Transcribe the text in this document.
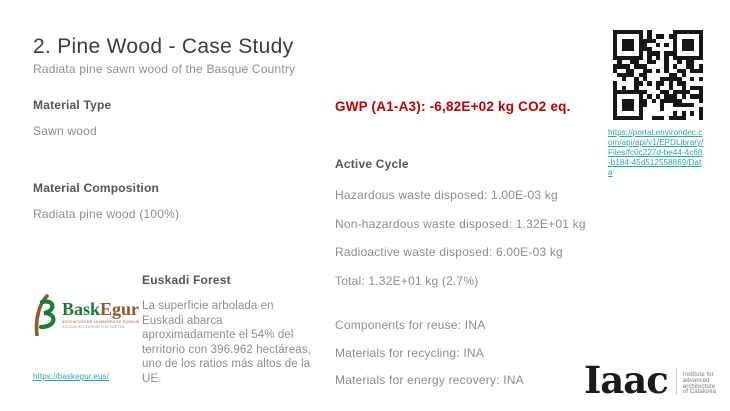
2. Pine Wood - Case Study
Radiata pine sawn wood of the Basque Country
Material Type
Sawn wood
Material Composition
Radiata pine wood (100%)
GWP (A1-A3): -6,82E+02 kg CO2 eq.
Active Cycle
Hazardous waste disposed: 1.00E-03 kg
Non-hazardous waste disposed: 1.32E+01 kg
Radioactive waste disposed: 6.00E-03 kg
Total: 1.32E+01 kg (2.7%)
Components for reuse: INA
Materials for recycling: INA
Materials for energy recovery: INA
https://portal.environdec.c
om/api/api/v1/EPDLibrary/
Files/fc0c227d-be44-4c68
-b184-45d512558869/Dat
a
BaskEgur
ASOCIACIÓN DE LA MADERA DE EUSKADI
EUSKADIKO ZURAREN ELKARTEA
Euskadi Forest
La superficie arbolada en
Euskadi abarca
aproximadamente el 54% del
territorio con 396.962 hectáreas,
uno de los ratios más altos de la
UE.
https://baskegur.eus/	Iaac	Institute for
advanced
architecture
of Catalonia
